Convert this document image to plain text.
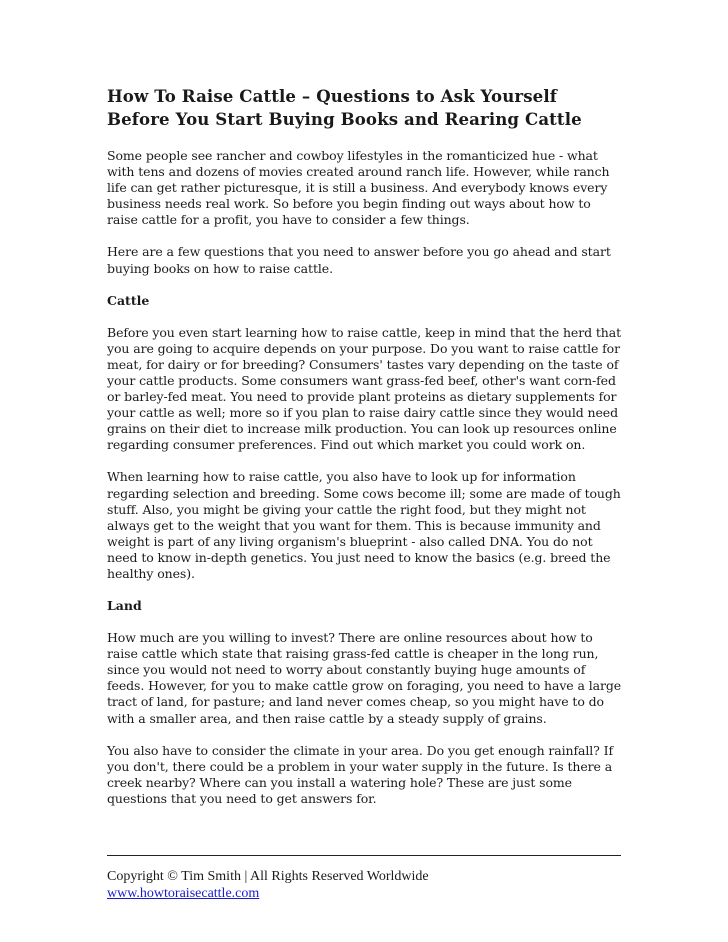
How To Raise Cattle – Questions to Ask Yourself Before You Start Buying Books and Rearing Cattle

Some people see rancher and cowboy lifestyles in the romanticized hue - what with tens and dozens of movies created around ranch life. However, while ranch life can get rather picturesque, it is still a business. And everybody knows every business needs real work. So before you begin finding out ways about how to raise cattle for a profit, you have to consider a few things.

Here are a few questions that you need to answer before you go ahead and start buying books on how to raise cattle.

Cattle

Before you even start learning how to raise cattle, keep in mind that the herd that you are going to acquire depends on your purpose. Do you want to raise cattle for meat, for dairy or for breeding? Consumers' tastes vary depending on the taste of your cattle products. Some consumers want grass-fed beef, other's want corn-fed or barley-fed meat. You need to provide plant proteins as dietary supplements for your cattle as well; more so if you plan to raise dairy cattle since they would need grains on their diet to increase milk production. You can look up resources online regarding consumer preferences. Find out which market you could work on.

When learning how to raise cattle, you also have to look up for information regarding selection and breeding. Some cows become ill; some are made of tough stuff. Also, you might be giving your cattle the right food, but they might not always get to the weight that you want for them. This is because immunity and weight is part of any living organism's blueprint - also called DNA. You do not need to know in-depth genetics. You just need to know the basics (e.g. breed the healthy ones).

Land

How much are you willing to invest? There are online resources about how to raise cattle which state that raising grass-fed cattle is cheaper in the long run, since you would not need to worry about constantly buying huge amounts of feeds. However, for you to make cattle grow on foraging, you need to have a large tract of land, for pasture; and land never comes cheap, so you might have to do with a smaller area, and then raise cattle by a steady supply of grains.

You also have to consider the climate in your area. Do you get enough rainfall? If you don't, there could be a problem in your water supply in the future. Is there a creek nearby? Where can you install a watering hole? These are just some questions that you need to get answers for.

Copyright © Tim Smith | All Rights Reserved Worldwide

www.howtoraisecattle.com
